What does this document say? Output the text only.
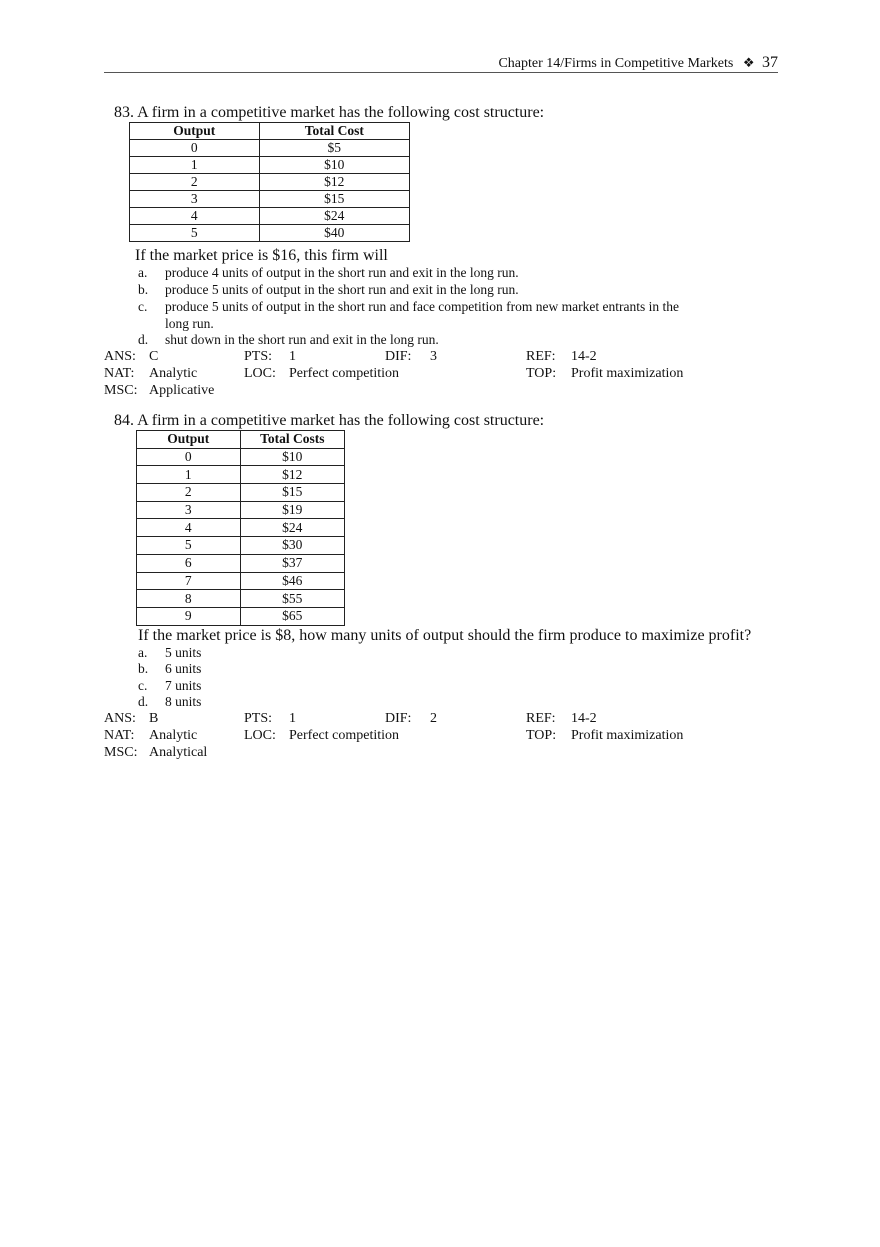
Chapter 14/Firms in Competitive Markets ❖ 37
83. A firm in a competitive market has the following cost structure:
Output	Total Cost
0	$5
1	$10
2	$12
3	$15
4	$24
5	$40
If the market price is $16, this firm will
a. produce 4 units of output in the short run and exit in the long run.
b. produce 5 units of output in the short run and exit in the long run.
c. produce 5 units of output in the short run and face competition from new market entrants in the
long run.
d. shut down in the short run and exit in the long run.
ANS: C	PTS: 1	DIF: 3	REF: 14-2
NAT: Analytic	LOC: Perfect competition	TOP: Profit maximization
MSC: Applicative
84. A firm in a competitive market has the following cost structure:
Output	Total Costs
0	$10
1	$12
2	$15
3	$19
4	$24
5	$30
6	$37
7	$46
8	$55
9	$65
If the market price is $8, how many units of output should the firm produce to maximize profit?
a. 5 units
b. 6 units
c. 7 units
d. 8 units
ANS: B	PTS: 1	DIF: 2	REF: 14-2
NAT: Analytic	LOC: Perfect competition	TOP: Profit maximization
MSC: Analytical
